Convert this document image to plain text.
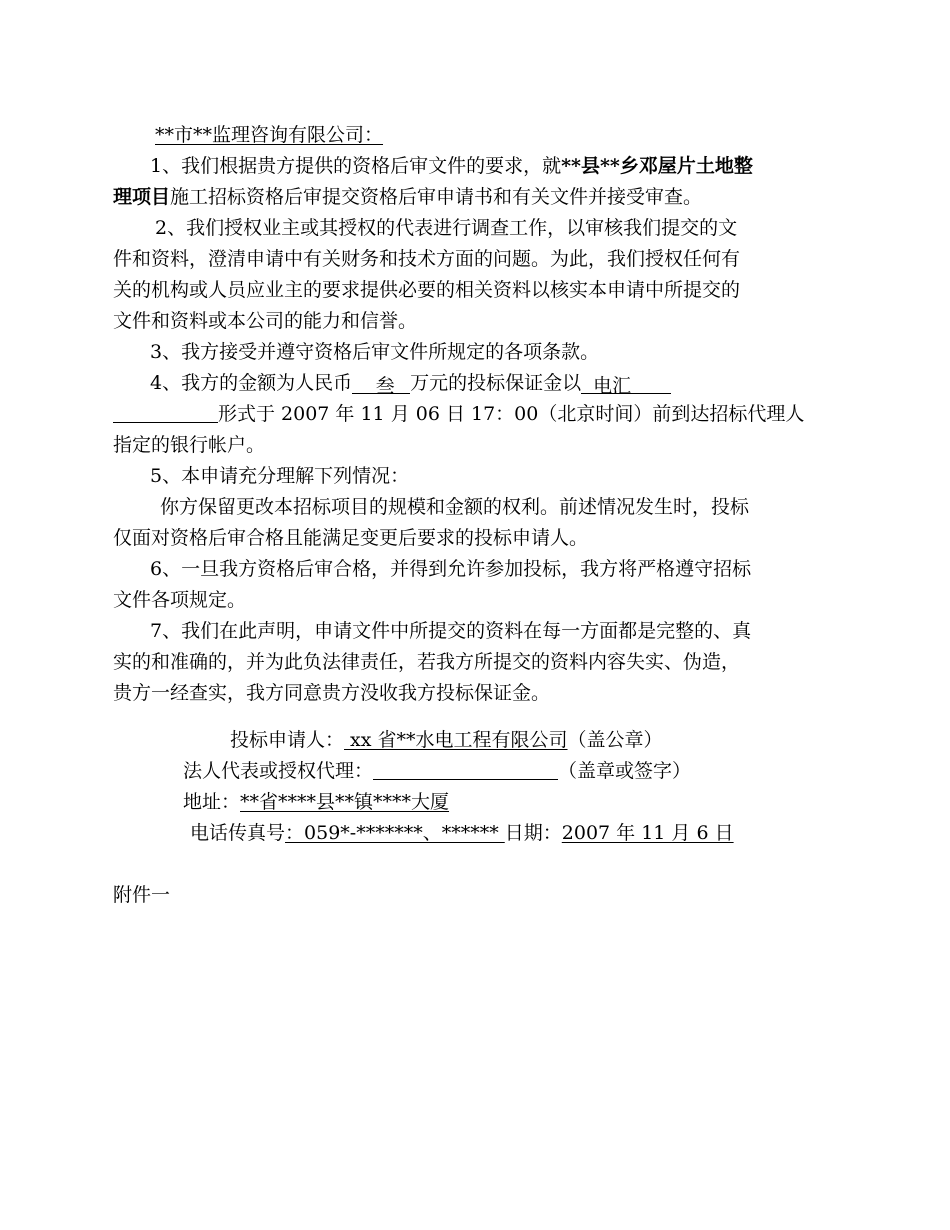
**市**监理咨询有限公司：
1、我们根据贵方提供的资格后审文件的要求，就**县**乡邓屋片土地整
理项目施工招标资格后审提交资格后审申请书和有关文件并接受审查。
2、我们授权业主或其授权的代表进行调查工作，以审核我们提交的文
件和资料，澄清申请中有关财务和技术方面的问题。为此，我们授权任何有
关的机构或人员应业主的要求提供必要的相关资料以核实本申请中所提交的
文件和资料或本公司的能力和信誉。
3、我方接受并遵守资格后审文件所规定的各项条款。
4、我方的金额为人民币 叁 万元的投标保证金以 电汇
形式于 2007 年 11 月 06 日 17：00（北京时间）前到达招标代理人
指定的银行帐户。
5、本申请充分理解下列情况：
你方保留更改本招标项目的规模和金额的权利。前述情况发生时，投标
仅面对资格后审合格且能满足变更后要求的投标申请人。
6、一旦我方资格后审合格，并得到允许参加投标，我方将严格遵守招标
文件各项规定。
7、我们在此声明，申请文件中所提交的资料在每一方面都是完整的、真
实的和准确的，并为此负法律责任，若我方所提交的资料内容失实、伪造，
贵方一经查实，我方同意贵方没收我方投标保证金。
投标申请人： xx 省**水电工程有限公司（盖公章）
法人代表或授权代理：	（盖章或签字）
地址：**省****县**镇****大厦
电话传真号：059*-*******、****** 日期：2007 年 11 月 6 日
附件一
